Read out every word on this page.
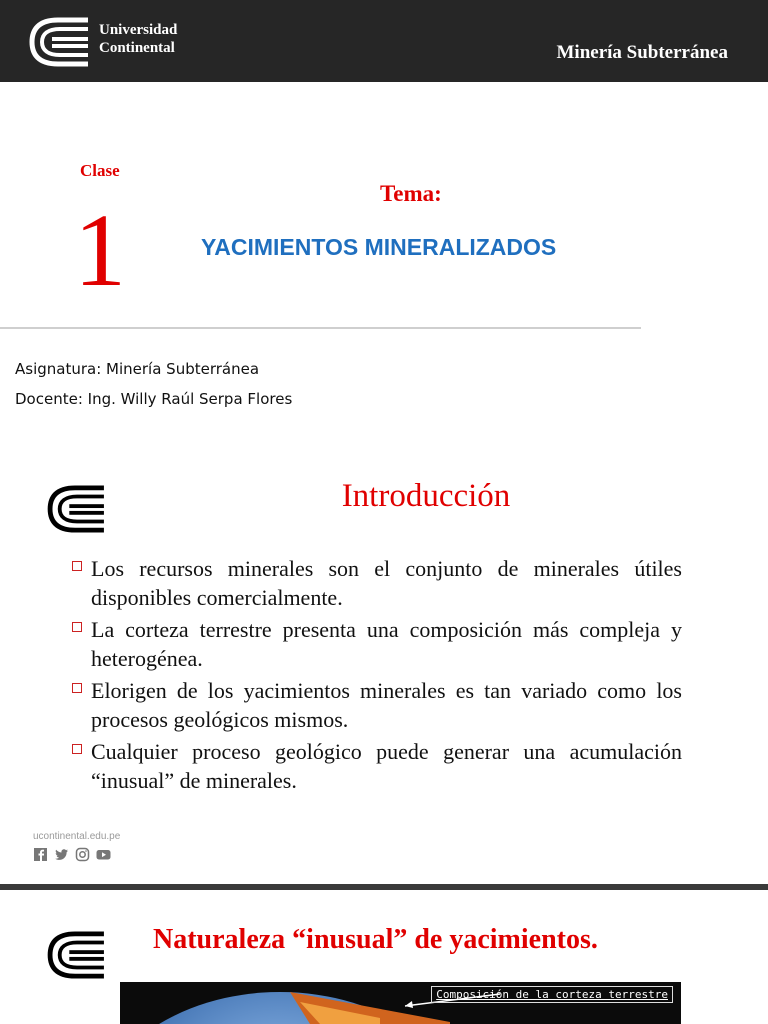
Universidad
Continental	Minería Subterránea
Clase
1	Tema:
YACIMIENTOS MINERALIZADOS
Asignatura: Minería Subterránea
Docente: Ing. Willy Raúl Serpa Flores
Introducción
Los recursos minerales son el conjunto de minerales útiles disponibles comercialmente.
La corteza terrestre presenta una composición más compleja y heterogénea.
Elorigen de los yacimientos minerales es tan variado como los procesos geológicos mismos.
Cualquier proceso geológico puede generar una acumulación “inusual” de minerales.
ucontinental.edu.pe
Naturaleza “inusual” de yacimientos.
Composición de la corteza terrestre
